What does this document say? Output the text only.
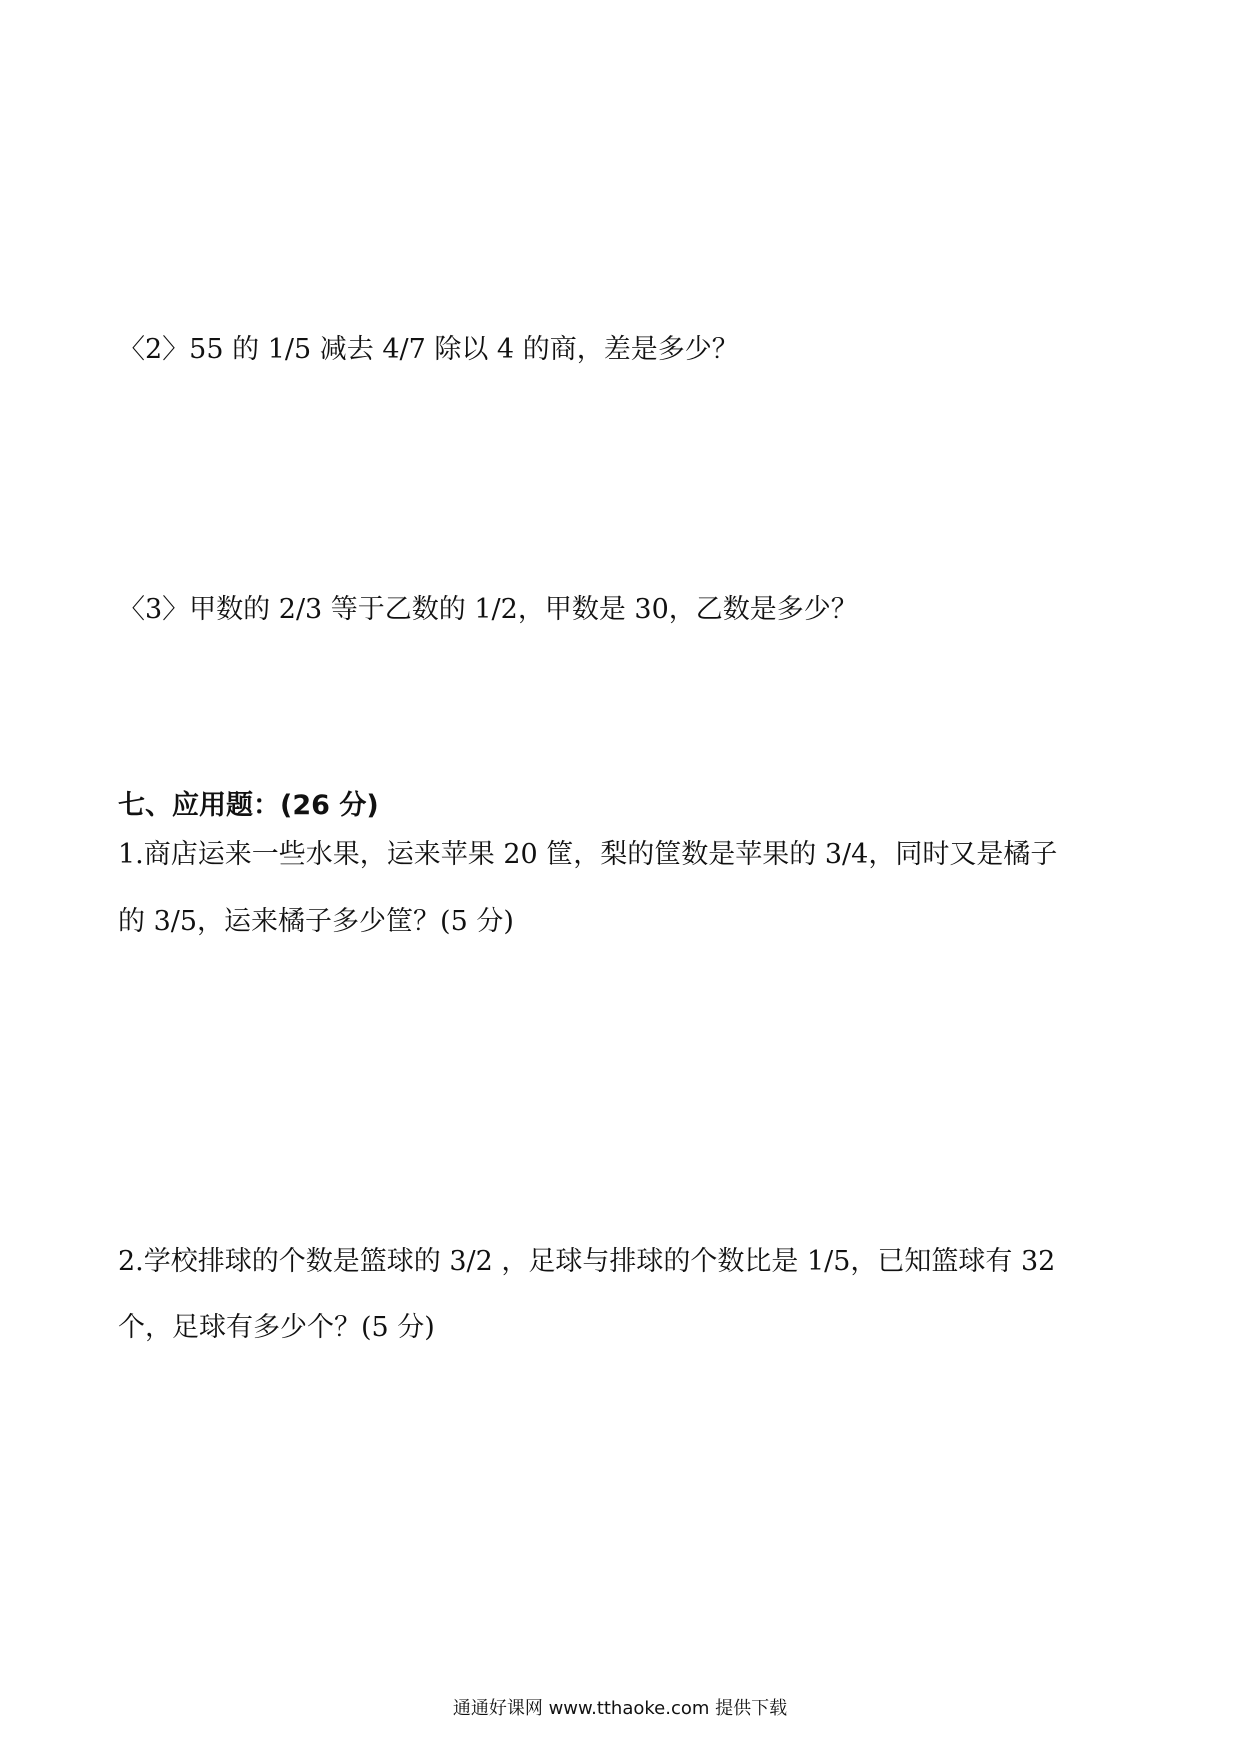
〈2〉55 的 1/5 减去 4/7 除以 4 的商，差是多少？
〈3〉甲数的 2/3 等于乙数的 1/2，甲数是 30，乙数是多少？
七、应用题：(26 分)
1.商店运来一些水果，运来苹果 20 筐，梨的筐数是苹果的 3/4，同时又是橘子
的 3/5，运来橘子多少筐？(5 分)
2.学校排球的个数是篮球的 3/2 ，足球与排球的个数比是 1/5，已知篮球有 32
个，足球有多少个？(5 分)
通通好课网 www.tthaoke.com 提供下载
